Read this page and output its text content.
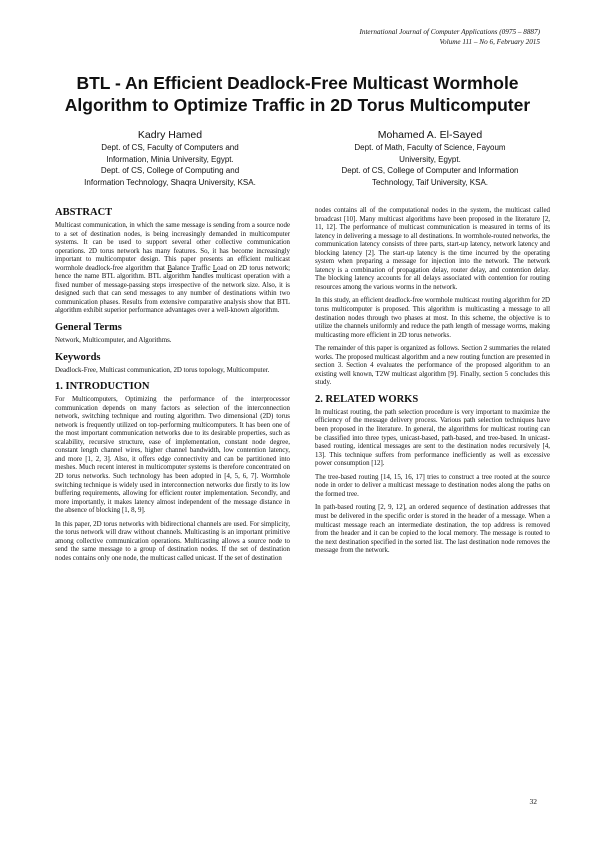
International Journal of Computer Applications (0975 – 8887)
Volume 111 – No 6, February 2015
BTL - An Efficient Deadlock-Free Multicast Wormhole
Algorithm to Optimize Traffic in 2D Torus Multicomputer
Kadry Hamed
Dept. of CS, Faculty of Computers and
Information, Minia University, Egypt.
Dept. of CS, College of Computing and
Information Technology, Shaqra University, KSA.
Mohamed A. El-Sayed
Dept. of Math, Faculty of Science, Fayoum
University, Egypt.
Dept. of CS, College of Computer and Information
Technology, Taif University, KSA.
ABSTRACT

Multicast communication, in which the same message is sending from a source node to a set of destination nodes, is being increasingly demanded in multicomputer systems. It can be used to support several other collective communication operations. 2D torus network has many features. So, it has become increasingly important to multicomputer design. This paper presents an efficient multicast wormhole deadlock-free algorithm that Balance Traffic Load on 2D torus network; hence the name BTL algorithm. BTL algorithm handles multicast operation with a fixed number of message-passing steps irrespective of the network size. Also, it is designed such that can send messages to any number of destinations within two communication phases. Results from extensive comparative analysis show that BTL algorithm exhibit superior performance advantages over a well-known algorithm.

General Terms

Network, Multicomputer, and Algorithms.

Keywords

Deadlock-Free, Multicast communication, 2D torus topology, Multicomputer.

1. INTRODUCTION

For Multicomputers, Optimizing the performance of the interprocessor communication depends on many factors as selection of the interconnection network, switching technique and routing algorithm. Two dimensional (2D) torus network is frequently utilized on top-performing multicomputers. It has been one of the most important communication networks due to its desirable properties, such as scalability, recursive structure, ease of implementation, constant node degree, constant length channel wires, higher channel bandwidth, low contention latency, and more [1, 2, 3]. Also, it offers edge connectivity and can be partitioned into meshes. Much recent interest in multicomputer systems is therefore concentrated on 2D torus networks. Such technology has been adopted in [4, 5, 6, 7]. Wormhole switching technique is widely used in interconnection networks due firstly to its low buffering requirements, allowing for efficient router implementation. Secondly, and more importantly, it makes latency almost independent of the message distance in the absence of blocking [1, 8, 9].

In this paper, 2D torus networks with bidirectional channels are used. For simplicity, the torus network will draw without channels. Multicasting is an important primitive among collective communication operations. Multicasting allows a source node to send the same message to a group of destination nodes. If the set of destination nodes contains only one node, the multicast called unicast. If the set of destination

nodes contains all of the computational nodes in the system, the multicast called broadcast [10]. Many multicast algorithms have been proposed in the literature [2, 11, 12]. The performance of multicast communication is measured in terms of its latency in delivering a message to all destinations. In wormhole-routed networks, the communication latency consists of three parts, start-up latency, network latency and blocking latency [2]. The start-up latency is the time incurred by the operating system when preparing a message for injection into the network. The network latency is a combination of propagation delay, router delay, and contention delay. The blocking latency accounts for all delays associated with contention for routing resources among the various worms in the network.

In this study, an efficient deadlock-free wormhole multicast routing algorithm for 2D torus multicomputer is proposed. This algorithm is multicasting a message to all destination nodes through two phases at most. In this scheme, the objective is to utilize the channels uniformly and reduce the path length of message worms, making multicasting more efficient in 2D torus networks.

The remainder of this paper is organized as follows. Section 2 summaries the related works. The proposed multicast algorithm and a new routing function are presented in section 3. Section 4 evaluates the performance of the proposed algorithm to an existing well known, T2W multicast algorithm [9]. Finally, section 5 concludes this study.

2. RELATED WORKS

In multicast routing, the path selection procedure is very important to maximize the efficiency of the message delivery process. Various path selection techniques have been proposed in the literature. In general, the algorithms for multicast routing can be classified into three types, unicast-based, path-based, and tree-based. In unicast-based routing, identical messages are sent to the destination nodes recursively [4, 13]. This technique suffers from performance inefficiently as well as excessive power consumption [12].

The tree-based routing [14, 15, 16, 17] tries to construct a tree rooted at the source node in order to deliver a multicast message to destination nodes along the paths on the formed tree.

In path-based routing [2, 9, 12], an ordered sequence of destination addresses that must be delivered in the specific order is stored in the header of a message. When a multicast message reach an intermediate destination, the top address is removed from the header and it can be copied to the local memory. The message is routed to the next destination specified in the sorted list. The last destination node removes the message from the network.

32
